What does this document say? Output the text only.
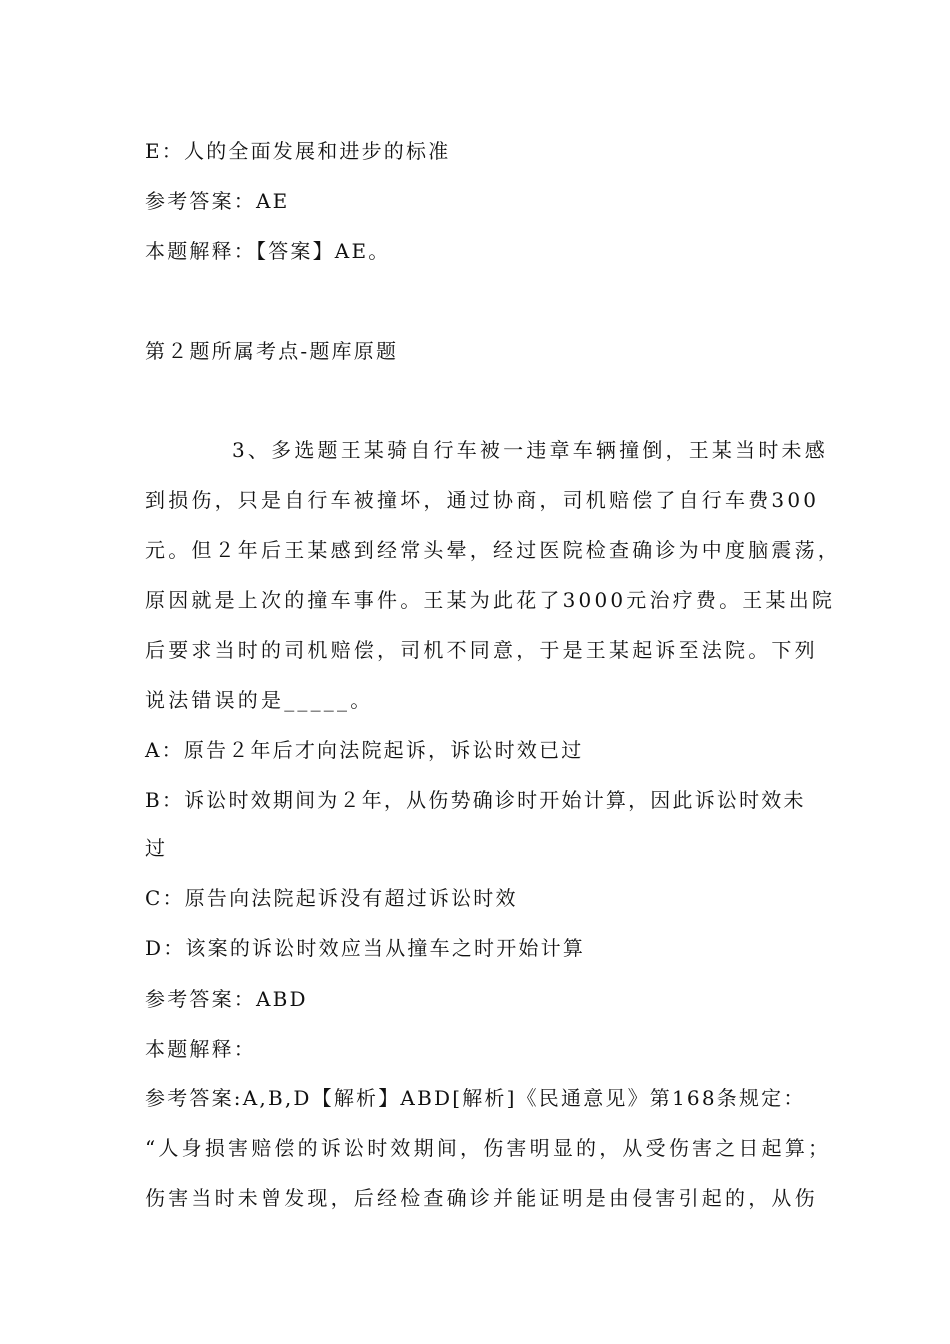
E：人的全面发展和进步的标准
参考答案：AE
本题解释：【答案】AE。
第２题所属考点-题库原题
3、多选题王某骑自行车被一违章车辆撞倒，王某当时未感
到损伤，只是自行车被撞坏，通过协商，司机赔偿了自行车费300
元。但２年后王某感到经常头晕，经过医院检查确诊为中度脑震荡，
原因就是上次的撞车事件。王某为此花了3000元治疗费。王某出院
后要求当时的司机赔偿，司机不同意，于是王某起诉至法院。下列
说法错误的是_____。
A：原告２年后才向法院起诉，诉讼时效已过
B：诉讼时效期间为２年，从伤势确诊时开始计算，因此诉讼时效未
过
C：原告向法院起诉没有超过诉讼时效
D：该案的诉讼时效应当从撞车之时开始计算
参考答案：ABD
本题解释：
参考答案:A,B,D【解析】ABD[解析]《民通意见》第168条规定：
“人身损害赔偿的诉讼时效期间，伤害明显的，从受伤害之日起算；
伤害当时未曾发现，后经检查确诊并能证明是由侵害引起的，从伤
